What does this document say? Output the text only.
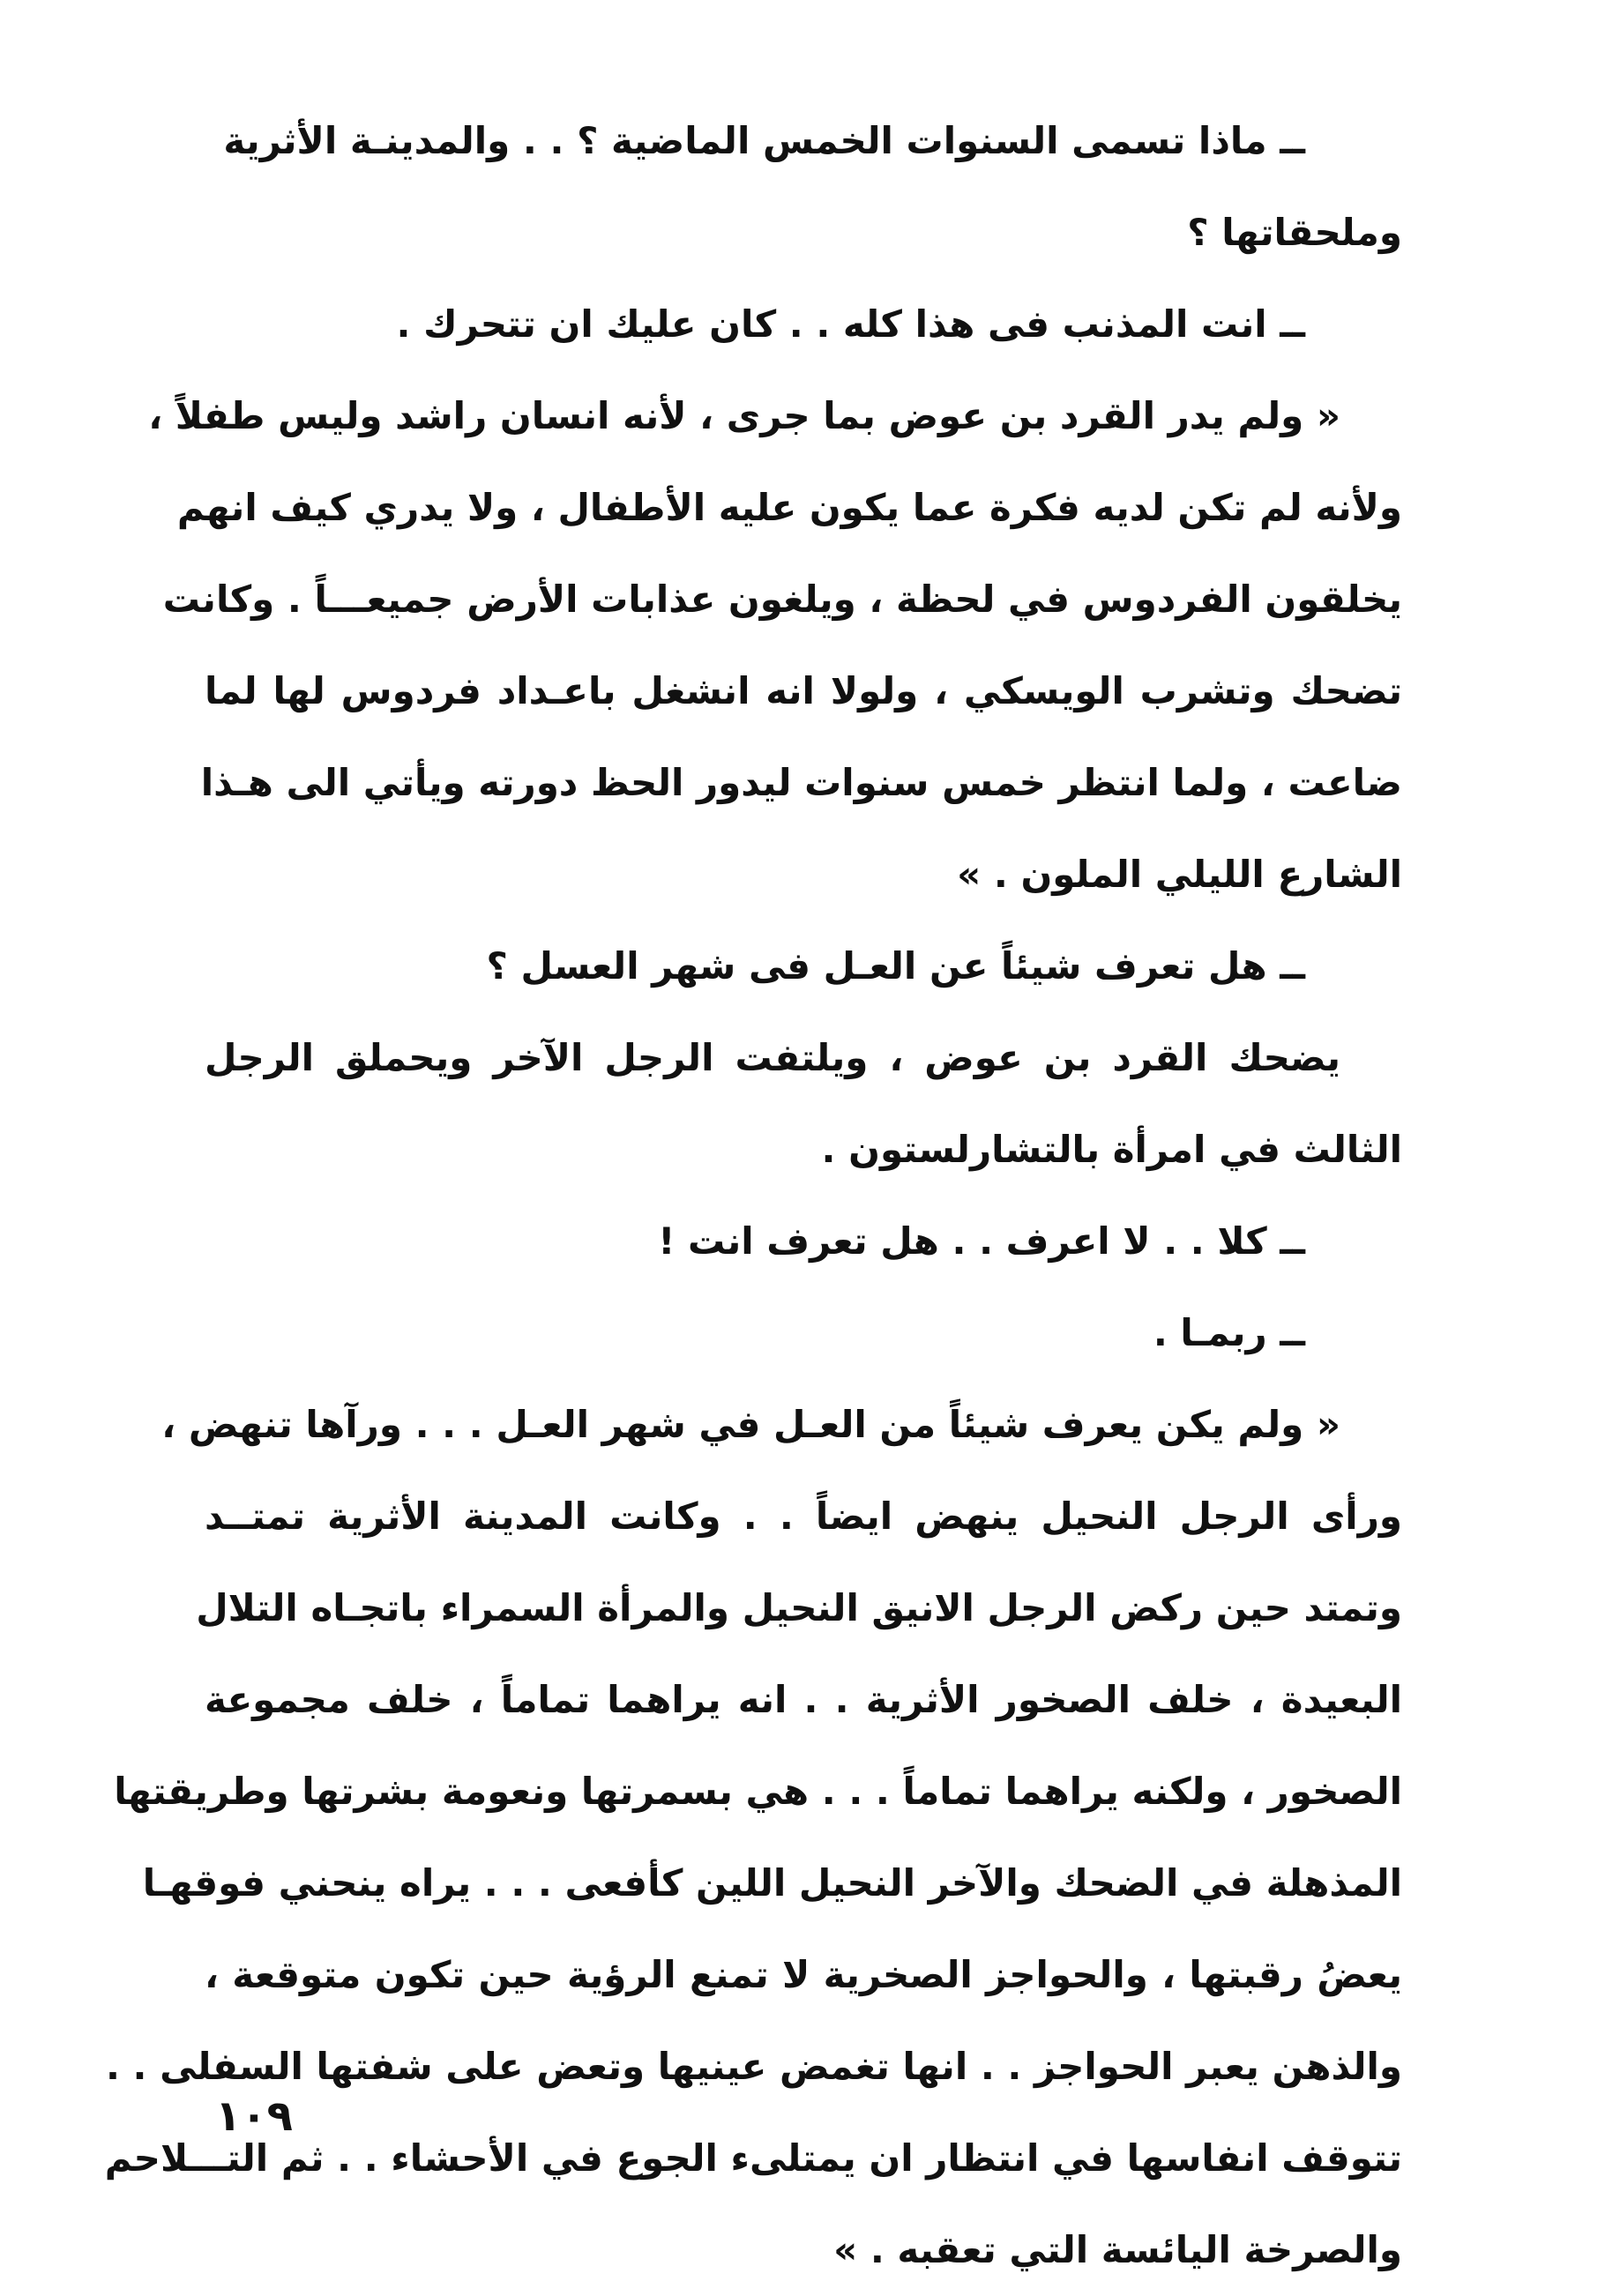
ــ ماذا تسمى السنوات الخمس الماضية ؟ . . والمدينـة الأثرية
وملحقاتها ؟
ــ انت المذنب فى هذا كله . . كان عليك ان تتحرك .
« ولم يدر القرد بن عوض بما جرى ، لأنه انسان راشد وليس طفلاً ،
ولأنه لم تكن لديه فكرة عما يكون عليه الأطفال ، ولا يدري كيف انهم
يخلقون الفردوس في لحظة ، ويلغون عذابات الأرض جميعـــاً . وكانت
تضحك وتشرب الويسكي ، ولولا انه انشغل باعـداد فردوس لها لما
ضاعت ، ولما انتظر خمس سنوات ليدور الحظ دورته ويأتي الى هـذا
الشارع الليلي الملون . »
ــ هل تعرف شيئاً عن العـل فى شهر العسل ؟
يضحك القرد بن عوض ، ويلتفت الرجل الآخر ويحملق الرجل
الثالث في امرأة بالتشارلستون .
ــ كلا . . لا اعرف . . هل تعرف انت !
ــ ربمـا .
« ولم يكن يعرف شيئاً من العـل في شهر العـل . . . ورآها تنهض ،
ورأى الرجل النحيل ينهض ايضاً . . وكانت المدينة الأثرية تمتــد
وتمتد حين ركض الرجل الانيق النحيل والمرأة السمراء باتجـاه التلال
البعيدة ، خلف الصخور الأثرية . . انه يراهما تماماً ، خلف مجموعة
الصخور ، ولكنه يراهما تماماً . . . هي بسمرتها ونعومة بشرتها وطريقتها
المذهلة في الضحك والآخر النحيل اللين كأفعى . . . يراه ينحني فوقهـا
يعضُ رقبتها ، والحواجز الصخرية لا تمنع الرؤية حين تكون متوقعة ،
والذهن يعبر الحواجز . . انها تغمض عينيها وتعض على شفتها السفلى . .
تتوقف انفاسها في انتظار ان يمتلىء الجوع في الأحشاء . . ثم التـــلاحم
والصرخة اليائسة التي تعقبه . »
١٠٩
